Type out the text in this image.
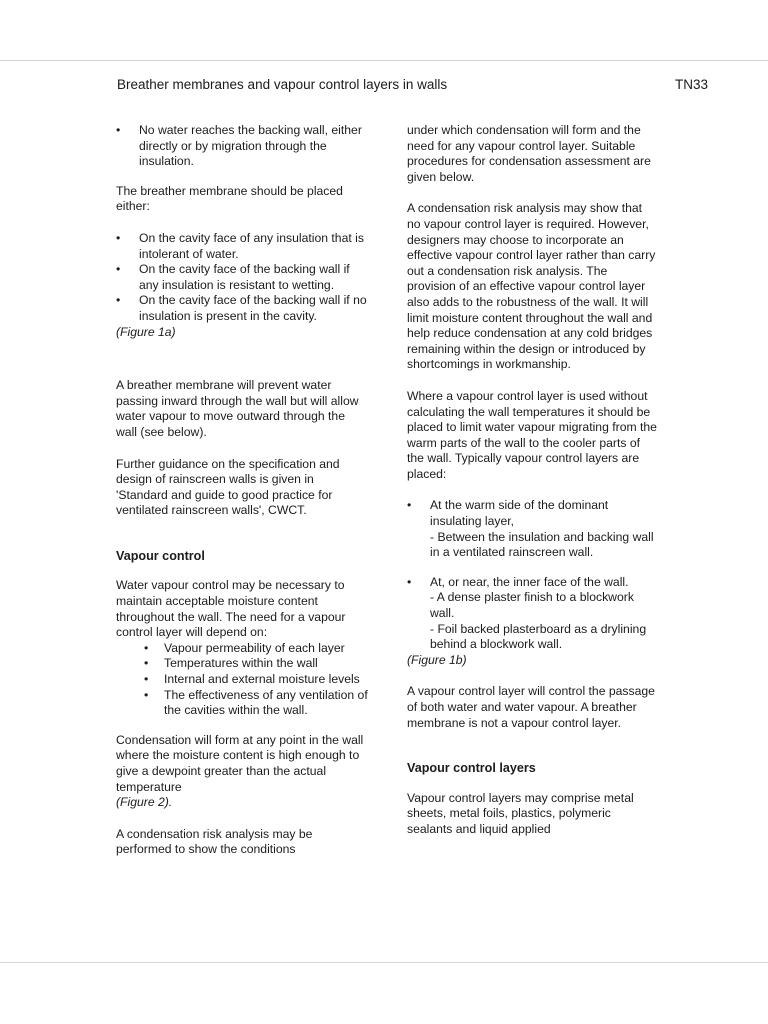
Breather membranes and vapour control layers in walls	TN33
• No water reaches the backing wall, either directly or by migration through the insulation.

The breather membrane should be placed either:

• On the cavity face of any insulation that is intolerant of water.
• On the cavity face of the backing wall if any insulation is resistant to wetting.
• On the cavity face of the backing wall if no insulation is present in the cavity.

(Figure 1a)

A breather membrane will prevent water passing inward through the wall but will allow water vapour to move outward through the wall (see below).

Further guidance on the specification and design of rainscreen walls is given in 'Standard and guide to good practice for ventilated rainscreen walls', CWCT.

Vapour control

Water vapour control may be necessary to maintain acceptable moisture content throughout the wall. The need for a vapour control layer will depend on:

• Vapour permeability of each layer
• Temperatures within the wall
• Internal and external moisture levels
• The effectiveness of any ventilation of the cavities within the wall.

Condensation will form at any point in the wall where the moisture content is high enough to give a dewpoint greater than the actual temperature

(Figure 2).

A condensation risk analysis may be performed to show the conditions

under which condensation will form and the need for any vapour control layer. Suitable procedures for condensation assessment are given below.

A condensation risk analysis may show that no vapour control layer is required. However, designers may choose to incorporate an effective vapour control layer rather than carry out a condensation risk analysis. The provision of an effective vapour control layer also adds to the robustness of the wall. It will limit moisture content throughout the wall and help reduce condensation at any cold bridges remaining within the design or introduced by shortcomings in workmanship.

Where a vapour control layer is used without calculating the wall temperatures it should be placed to limit water vapour migrating from the warm parts of the wall to the cooler parts of the wall. Typically vapour control layers are placed:

• At the warm side of the dominant insulating layer,
- Between the insulation and backing wall in a ventilated rainscreen wall.
• At, or near, the inner face of the wall.
- A dense plaster finish to a blockwork wall.
- Foil backed plasterboard as a drylining behind a blockwork wall.

(Figure 1b)

A vapour control layer will control the passage of both water and water vapour. A breather membrane is not a vapour control layer.

Vapour control layers

Vapour control layers may comprise metal sheets, metal foils, plastics, polymeric sealants and liquid applied
